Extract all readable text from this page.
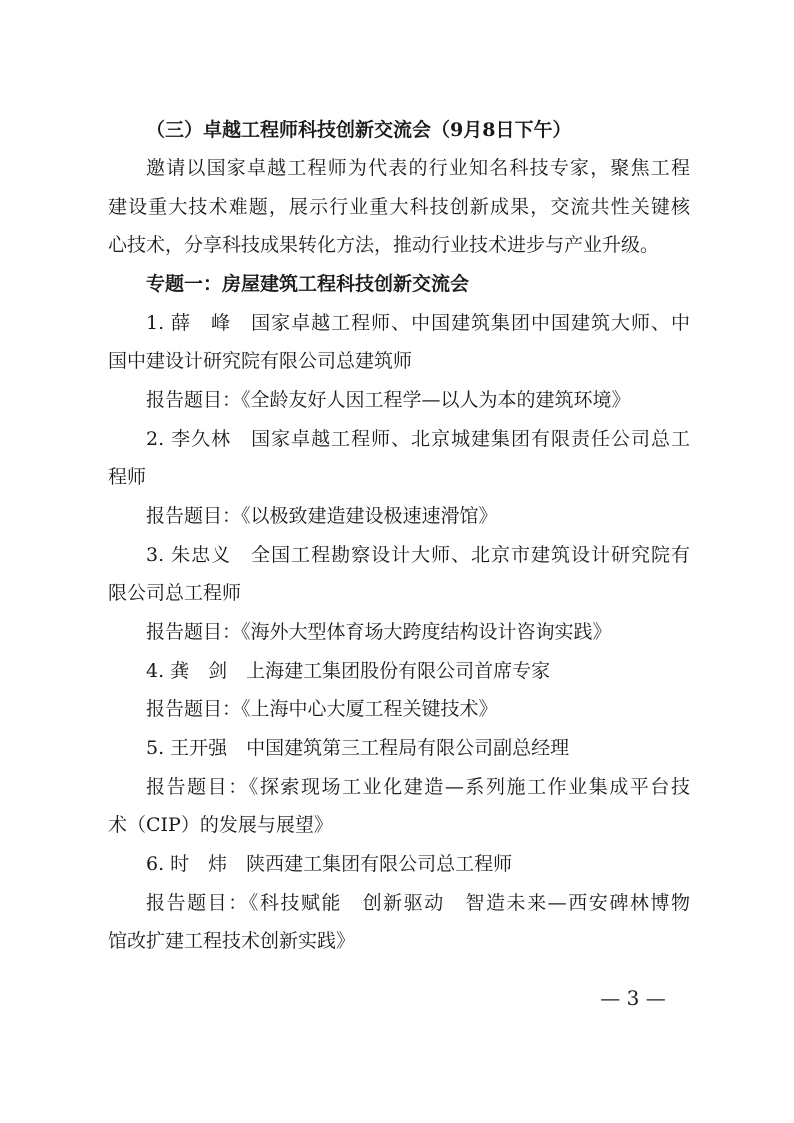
（三）卓越工程师科技创新交流会（9月8日下午）
邀请以国家卓越工程师为代表的行业知名科技专家，聚焦工程
建设重大技术难题，展示行业重大科技创新成果，交流共性关键核
心技术，分享科技成果转化方法，推动行业技术进步与产业升级。
专题一：房屋建筑工程科技创新交流会
1. 薛　峰　国家卓越工程师、中国建筑集团中国建筑大师、中
国中建设计研究院有限公司总建筑师
报告题目：《全龄友好人因工程学—以人为本的建筑环境》
2. 李久林　国家卓越工程师、北京城建集团有限责任公司总工
程师
报告题目：《以极致建造建设极速速滑馆》
3. 朱忠义　全国工程勘察设计大师、北京市建筑设计研究院有
限公司总工程师
报告题目：《海外大型体育场大跨度结构设计咨询实践》
4. 龚　剑　上海建工集团股份有限公司首席专家
报告题目：《上海中心大厦工程关键技术》
5. 王开强　中国建筑第三工程局有限公司副总经理
报告题目：《探索现场工业化建造—系列施工作业集成平台技
术（CIP）的发展与展望》
6. 时　炜　陕西建工集团有限公司总工程师
报告题目：《科技赋能　创新驱动　智造未来—西安碑林博物
馆改扩建工程技术创新实践》
— 3 —
